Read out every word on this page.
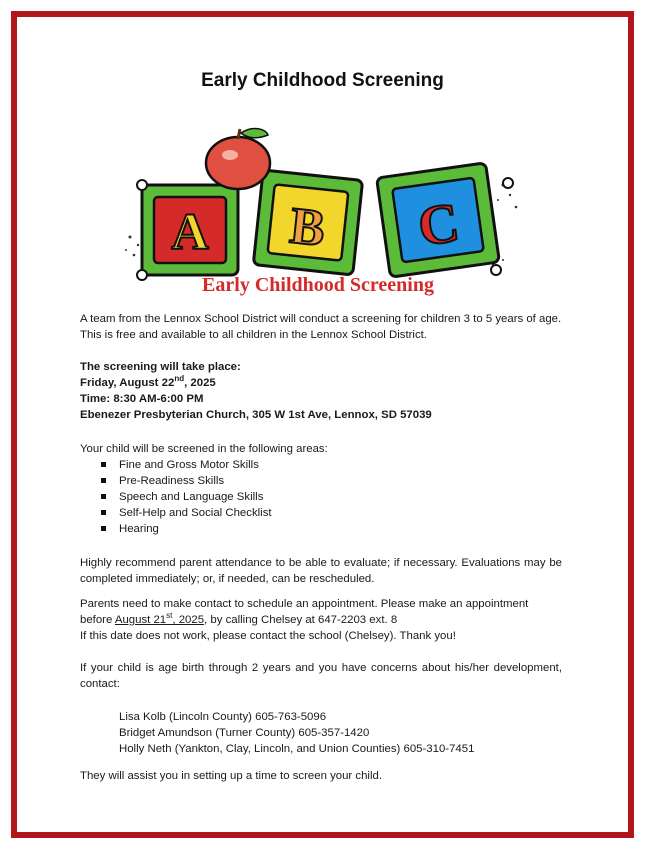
Early Childhood Screening
A B C
Early Childhood Screening
A team from the Lennox School District will conduct a screening for children 3 to 5 years of age. This is free and available to all children in the Lennox School District.
The screening will take place:
Friday, August 22nd, 2025
Time: 8:30 AM-6:00 PM
Ebenezer Presbyterian Church, 305 W 1st Ave, Lennox, SD 57039
Your child will be screened in the following areas:
Fine and Gross Motor Skills
Pre-Readiness Skills
Speech and Language Skills
Self-Help and Social Checklist
Hearing
Highly recommend parent attendance to be able to evaluate; if necessary. Evaluations may be completed immediately; or, if needed, can be rescheduled.
Parents need to make contact to schedule an appointment. Please make an appointment
before August 21st, 2025, by calling Chelsey at 647-2203 ext. 8
If this date does not work, please contact the school (Chelsey). Thank you!
If your child is age birth through 2 years and you have concerns about his/her development, contact:
Lisa Kolb (Lincoln County) 605-763-5096
Bridget Amundson (Turner County) 605-357-1420
Holly Neth (Yankton, Clay, Lincoln, and Union Counties) 605-310-7451
They will assist you in setting up a time to screen your child.
